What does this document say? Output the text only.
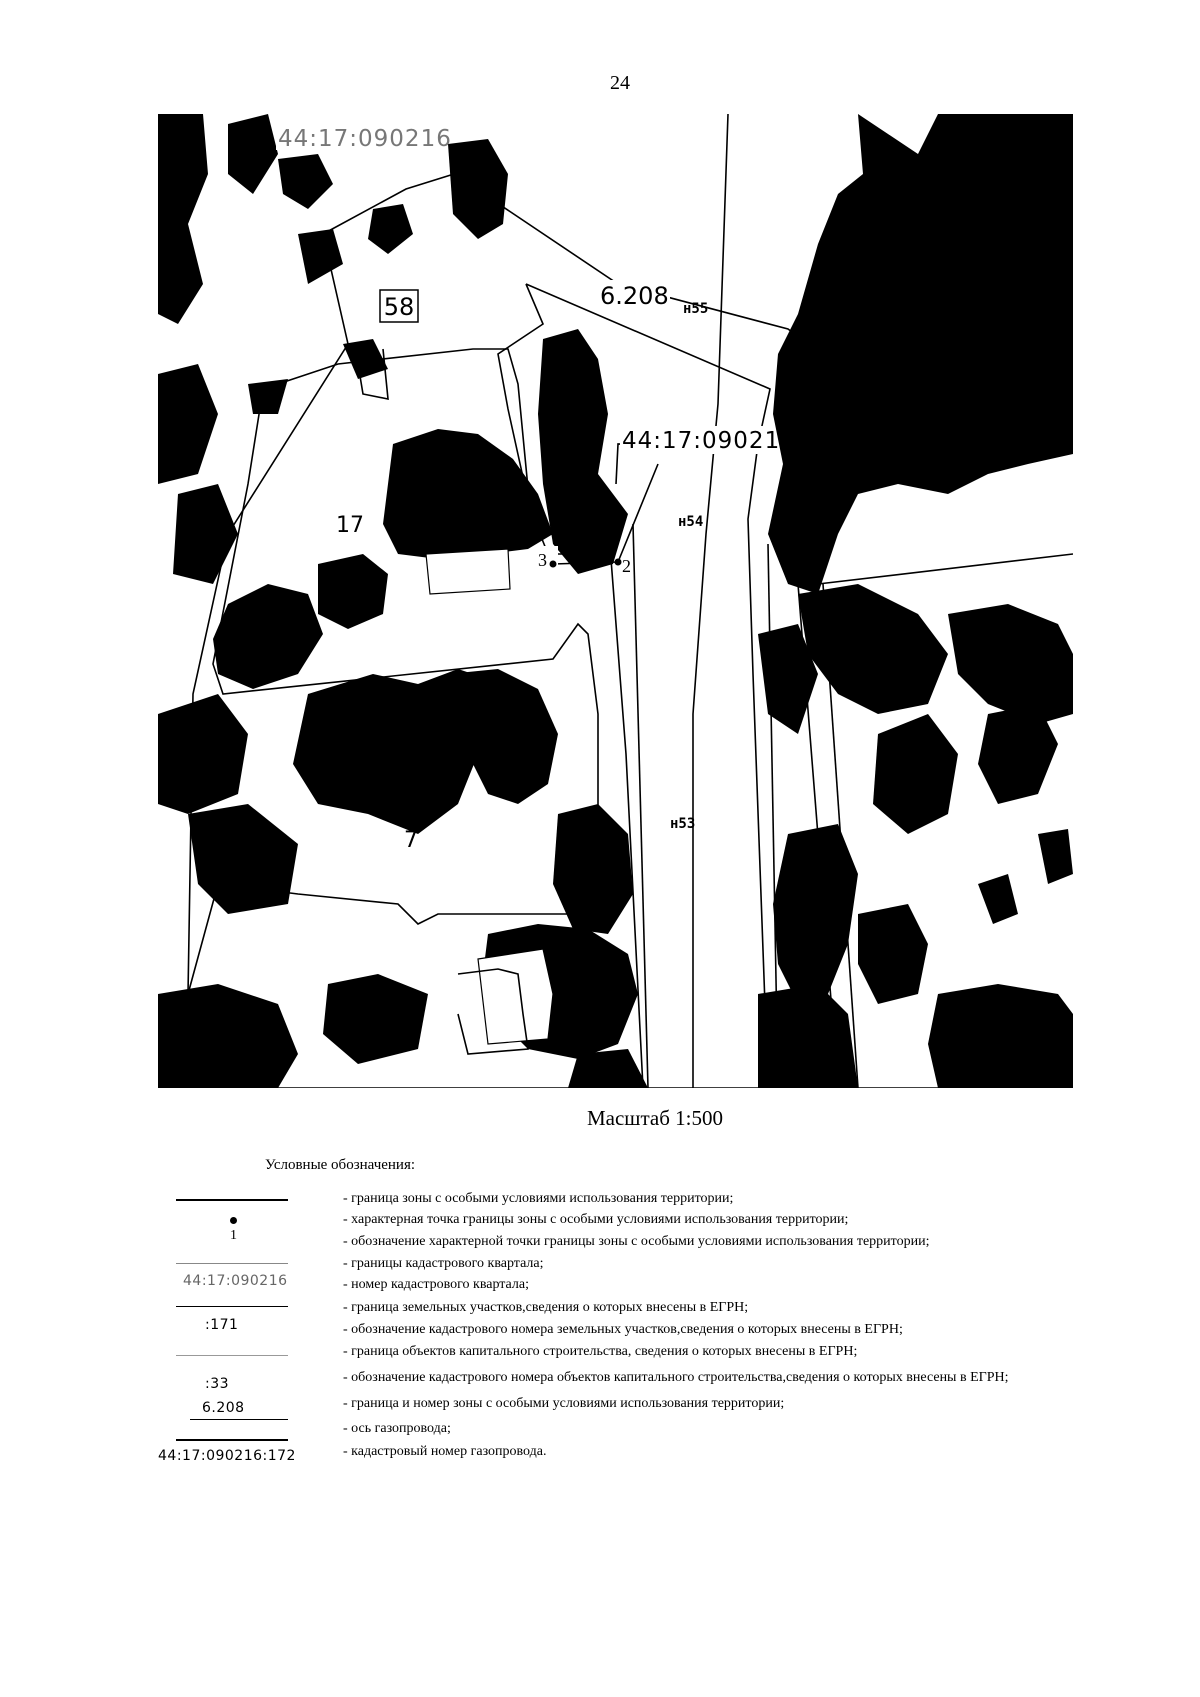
24
58
44:17:090216
44:17:09021
6.208 н55
н54
н53
17
7
3	2
Масштаб 1:500
Условные обозначения:
1
44:17:090216
:171
:33
6.208
44:17:090216:172
- граница зоны с особыми условиями использования территории;
- характерная точка границы зоны с особыми условиями использования территории;
- обозначение характерной точки границы зоны с особыми условиями использования территории;
- границы кадастрового квартала;
- номер кадастрового квартала;
- граница земельных участков,сведения о которых внесены в ЕГРН;
- обозначение кадастрового номера земельных участков,сведения о которых внесены в ЕГРН;
- граница объектов капитального строительства, сведения о которых внесены в ЕГРН;
- обозначение кадастрового номера объектов капитального строительства,сведения о которых внесены в ЕГРН;
- граница и номер зоны с особыми условиями использования территории;
- ось газопровода;
- кадастровый номер газопровода.
